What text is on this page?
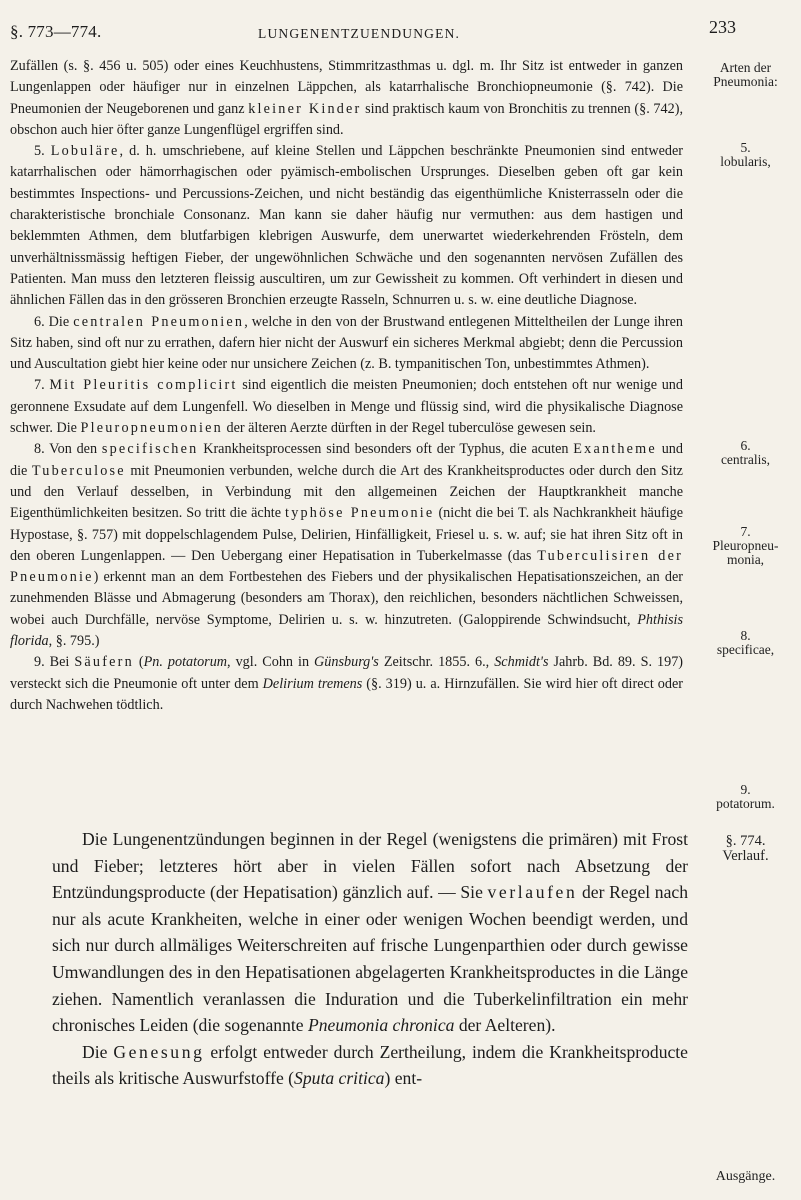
§. 773—774.	LUNGENENTZUENDUNGEN.	233

Zufällen (s. §. 456 u. 505) oder eines Keuchhustens, Stimmritzasthmas u. dgl. m. Ihr Sitz ist entweder in ganzen Lungenlappen oder häufiger nur in einzelnen Läppchen, als katarrhalische Bronchiopneumonie (§. 742). Die Pneumonien der Neugeborenen und ganz kleiner Kinder sind praktisch kaum von Bronchitis zu trennen (§. 742), obschon auch hier öfter ganze Lungenflügel ergriffen sind.

5. Lobuläre, d. h. umschriebene, auf kleine Stellen und Läppchen beschränkte Pneumonien sind entweder katarrhalischen oder hämorrhagischen oder pyämisch-embolischen Ursprunges. Dieselben geben oft gar kein bestimmtes Inspections- und Percussions-Zeichen, und nicht beständig das eigenthümliche Knisterrasseln oder die charakteristische bronchiale Consonanz. Man kann sie daher häufig nur vermuthen: aus dem hastigen und beklemmten Athmen, dem blutfarbigen klebrigen Auswurfe, dem unerwartet wiederkehrenden Frösteln, dem unverhältnissmässig heftigen Fieber, der ungewöhnlichen Schwäche und den sogenannten nervösen Zufällen des Patienten. Man muss den letzteren fleissig auscultiren, um zur Gewissheit zu kommen. Oft verhindert in diesen und ähnlichen Fällen das in den grösseren Bronchien erzeugte Rasseln, Schnurren u. s. w. eine deutliche Diagnose.

6. Die centralen Pneumonien, welche in den von der Brustwand entlegenen Mitteltheilen der Lunge ihren Sitz haben, sind oft nur zu errathen, dafern hier nicht der Auswurf ein sicheres Merkmal abgiebt; denn die Percussion und Auscultation giebt hier keine oder nur unsichere Zeichen (z. B. tympanitischen Ton, unbestimmtes Athmen).

7. Mit Pleuritis complicirt sind eigentlich die meisten Pneumonien; doch entstehen oft nur wenige und geronnene Exsudate auf dem Lungenfell. Wo dieselben in Menge und flüssig sind, wird die physikalische Diagnose schwer. Die Pleuropneumonien der älteren Aerzte dürften in der Regel tuberculöse gewesen sein.

8. Von den specifischen Krankheitsprocessen sind besonders oft der Typhus, die acuten Exantheme und die Tuberculose mit Pneumonien verbunden, welche durch die Art des Krankheitsproductes oder durch den Sitz und den Verlauf desselben, in Verbindung mit den allgemeinen Zeichen der Hauptkrankheit manche Eigenthümlichkeiten besitzen. So tritt die ächte typhöse Pneumonie (nicht die bei T. als Nachkrankheit häufige Hypostase, §. 757) mit doppelschlagendem Pulse, Delirien, Hinfälligkeit, Friesel u. s. w. auf; sie hat ihren Sitz oft in den oberen Lungenlappen. — Den Uebergang einer Hepatisation in Tuberkelmasse (das Tuberculisiren der Pneumonie) erkennt man an dem Fortbestehen des Fiebers und der physikalischen Hepatisationszeichen, an der zunehmenden Blässe und Abmagerung (besonders am Thorax), den reichlichen, besonders nächtlichen Schweissen, wobei auch Durchfälle, nervöse Symptome, Delirien u. s. w. hinzutreten. (Galoppirende Schwindsucht, Phthisis florida, §. 795.)

9. Bei Säufern (Pn. potatorum, vgl. Cohn in Günsburg's Zeitschr. 1855. 6., Schmidt's Jahrb. Bd. 89. S. 197) versteckt sich die Pneumonie oft unter dem Delirium tremens (§. 319) u. a. Hirnzufällen. Sie wird hier oft direct oder durch Nachwehen tödtlich.

Die Lungenentzündungen beginnen in der Regel (wenigstens die primären) mit Frost und Fieber; letzteres hört aber in vielen Fällen sofort nach Absetzung der Entzündungsproducte (der Hepatisation) gänzlich auf. — Sie verlaufen der Regel nach nur als acute Krankheiten, welche in einer oder wenigen Wochen beendigt werden, und sich nur durch allmäliges Weiterschreiten auf frische Lungenparthien oder durch gewisse Umwandlungen des in den Hepatisationen abgelagerten Krankheitsproductes in die Länge ziehen. Namentlich veranlassen die Induration und die Tuberkelinfiltration ein mehr chronisches Leiden (die sogenannte Pneumonia chronica der Aelteren).

Die Genesung erfolgt entweder durch Zertheilung, indem die Krankheitsproducte theils als kritische Auswurfstoffe (Sputa critica) ent-

Arten der
Pneumonia:
5.
lobularis,
6.
centralis,
7.
Pleuropneu-
monia,
8.
specificae,
9.
potatorum.
§. 774.
Verlauf.
Ausgänge.
